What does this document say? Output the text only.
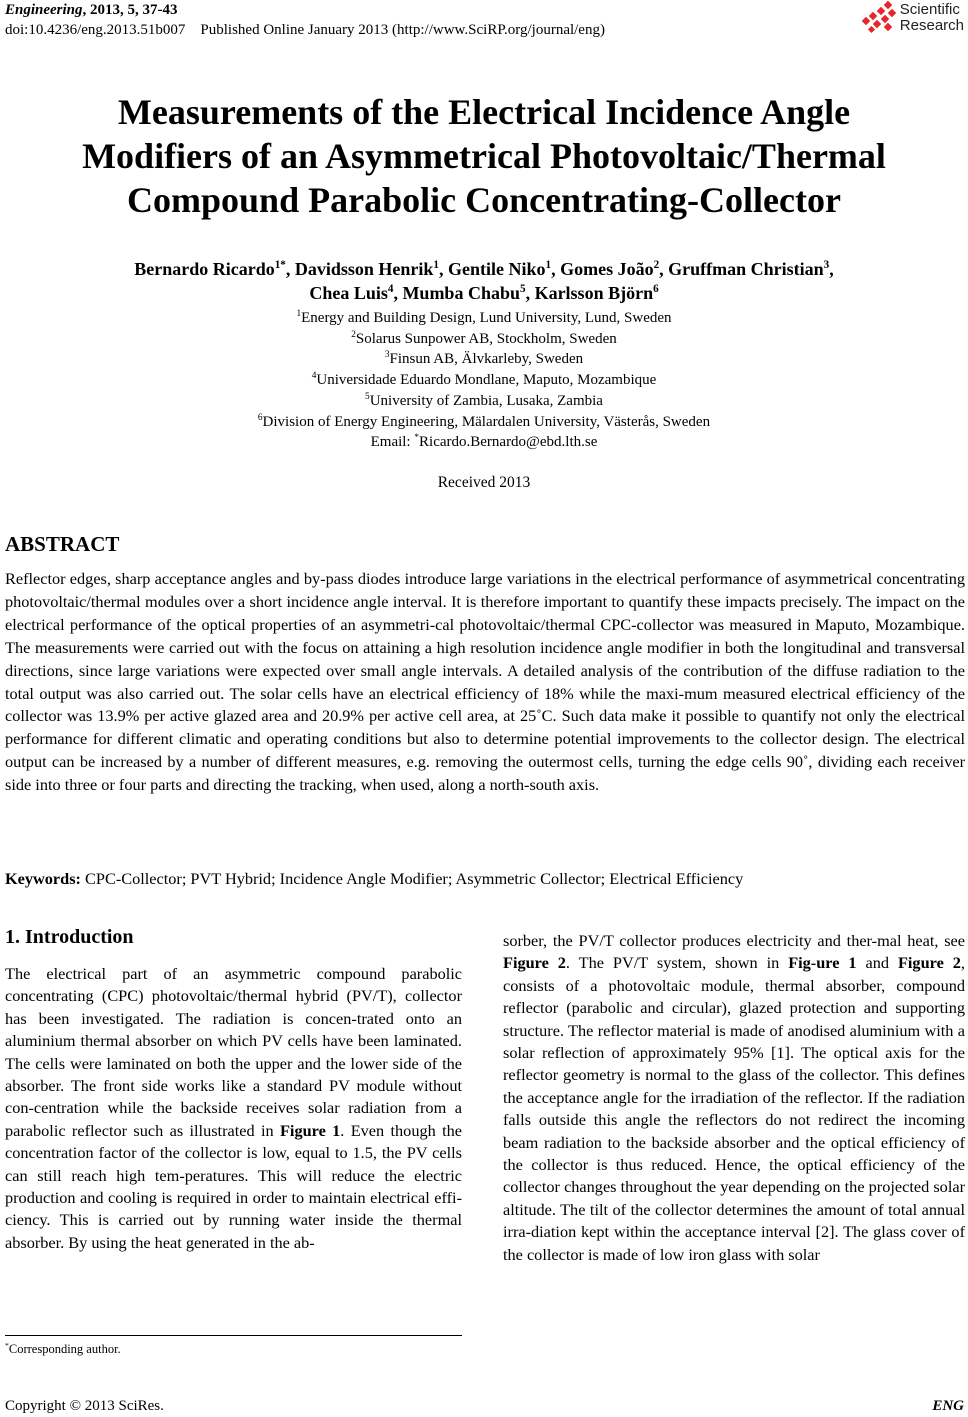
Engineering, 2013, 5, 37-43
doi:10.4236/eng.2013.51b007    Published Online January 2013 (http://www.SciRP.org/journal/eng)
Scientific
Research
Measurements of the Electrical Incidence Angle
Modifiers of an Asymmetrical Photovoltaic/Thermal
Compound Parabolic Concentrating-Collector
Bernardo Ricardo$^{1*}$, Davidsson Henrik$^1$, Gentile Niko$^1$, Gomes João$^2$, Gruffman Christian$^3$,
Chea Luis$^4$, Mumba Chabu$^5$, Karlsson Björn$^6$
$^1$Energy and Building Design, Lund University, Lund, Sweden
$^2$Solarus Sunpower AB, Stockholm, Sweden
$^3$Finsun AB, Älvkarleby, Sweden
$^4$Universidade Eduardo Mondlane, Maputo, Mozambique
$^5$University of Zambia, Lusaka, Zambia
$^6$Division of Energy Engineering, Mälardalen University, Västerås, Sweden
Email: *Ricardo.Bernardo@ebd.lth.se
Received 2013
ABSTRACT
Reflector edges, sharp acceptance angles and by-pass diodes introduce large variations in the electrical performance of asymmetrical concentrating photovoltaic/thermal modules over a short incidence angle interval. It is therefore important to quantify these impacts precisely. The impact on the electrical performance of the optical properties of an asymmetri-cal photovoltaic/thermal CPC-collector was measured in Maputo, Mozambique. The measurements were carried out with the focus on attaining a high resolution incidence angle modifier in both the longitudinal and transversal directions, since large variations were expected over small angle intervals. A detailed analysis of the contribution of the diffuse radiation to the total output was also carried out. The solar cells have an electrical efficiency of 18% while the maxi-mum measured electrical efficiency of the collector was 13.9% per active glazed area and 20.9% per active cell area, at 25˚C. Such data make it possible to quantify not only the electrical performance for different climatic and operating conditions but also to determine potential improvements to the collector design. The electrical output can be increased by a number of different measures, e.g. removing the outermost cells, turning the edge cells 90˚, dividing each receiver side into three or four parts and directing the tracking, when used, along a north-south axis.
Keywords: CPC-Collector; PVT Hybrid; Incidence Angle Modifier; Asymmetric Collector; Electrical Efficiency
1. Introduction
The electrical part of an asymmetric compound parabolic concentrating (CPC) photovoltaic/thermal hybrid (PV/T), collector has been investigated. The radiation is concen-trated onto an aluminium thermal absorber on which PV cells have been laminated. The cells were laminated on both the upper and the lower side of the absorber. The front side works like a standard PV module without con-centration while the backside receives solar radiation from a parabolic reflector such as illustrated in Figure 1. Even though the concentration factor of the collector is low, equal to 1.5, the PV cells can still reach high tem-peratures. This will reduce the electric production and cooling is required in order to maintain electrical effi-ciency. This is carried out by running water inside the thermal absorber. By using the heat generated in the ab-
sorber, the PV/T collector produces electricity and ther-mal heat, see Figure 2. The PV/T system, shown in Fig-ure 1 and Figure 2, consists of a photovoltaic module, thermal absorber, compound reflector (parabolic and circular), glazed protection and supporting structure. The reflector material is made of anodised aluminium with a solar reflection of approximately 95% [1]. The optical axis for the reflector geometry is normal to the glass of the collector. This defines the acceptance angle for the irradiation of the reflector. If the radiation falls outside this angle the reflectors do not redirect the incoming beam radiation to the backside absorber and the optical efficiency of the collector is thus reduced. Hence, the optical efficiency of the collector changes throughout the year depending on the projected solar altitude. The tilt of the collector determines the amount of total annual irra-diation kept within the acceptance interval [2]. The glass cover of the collector is made of low iron glass with solar
*Corresponding author.
Copyright © 2013 SciRes.	ENG
